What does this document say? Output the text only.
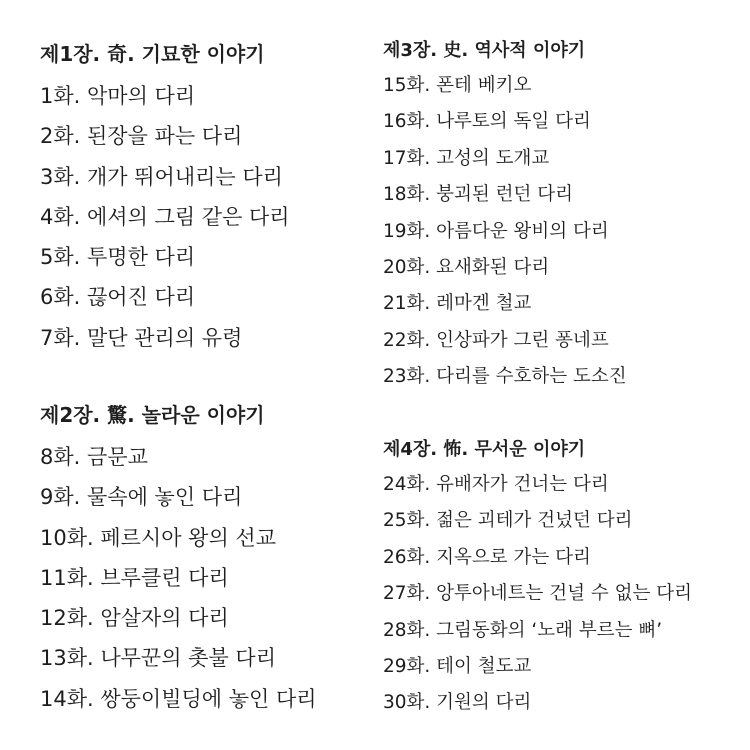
제1장. 奇. 기묘한 이야기
1화. 악마의 다리
2화. 된장을 파는 다리
3화. 개가 뛰어내리는 다리
4화. 에셔의 그림 같은 다리
5화. 투명한 다리
6화. 끊어진 다리
7화. 말단 관리의 유령
제2장. 驚. 놀라운 이야기
8화. 금문교
9화. 물속에 놓인 다리
10화. 페르시아 왕의 선교
11화. 브루클린 다리
12화. 암살자의 다리
13화. 나무꾼의 촛불 다리
14화. 쌍둥이빌딩에 놓인 다리
제3장. 史. 역사적 이야기
15화. 폰테 베키오
16화. 나루토의 독일 다리
17화. 고성의 도개교
18화. 붕괴된 런던 다리
19화. 아름다운 왕비의 다리
20화. 요새화된 다리
21화. 레마겐 철교
22화. 인상파가 그린 퐁네프
23화. 다리를 수호하는 도소진
제4장. 怖. 무서운 이야기
24화. 유배자가 건너는 다리
25화. 젊은 괴테가 건넜던 다리
26화. 지옥으로 가는 다리
27화. 앙투아네트는 건널 수 없는 다리
28화. 그림동화의 ‘노래 부르는 뼈’
29화. 테이 철도교
30화. 기원의 다리
